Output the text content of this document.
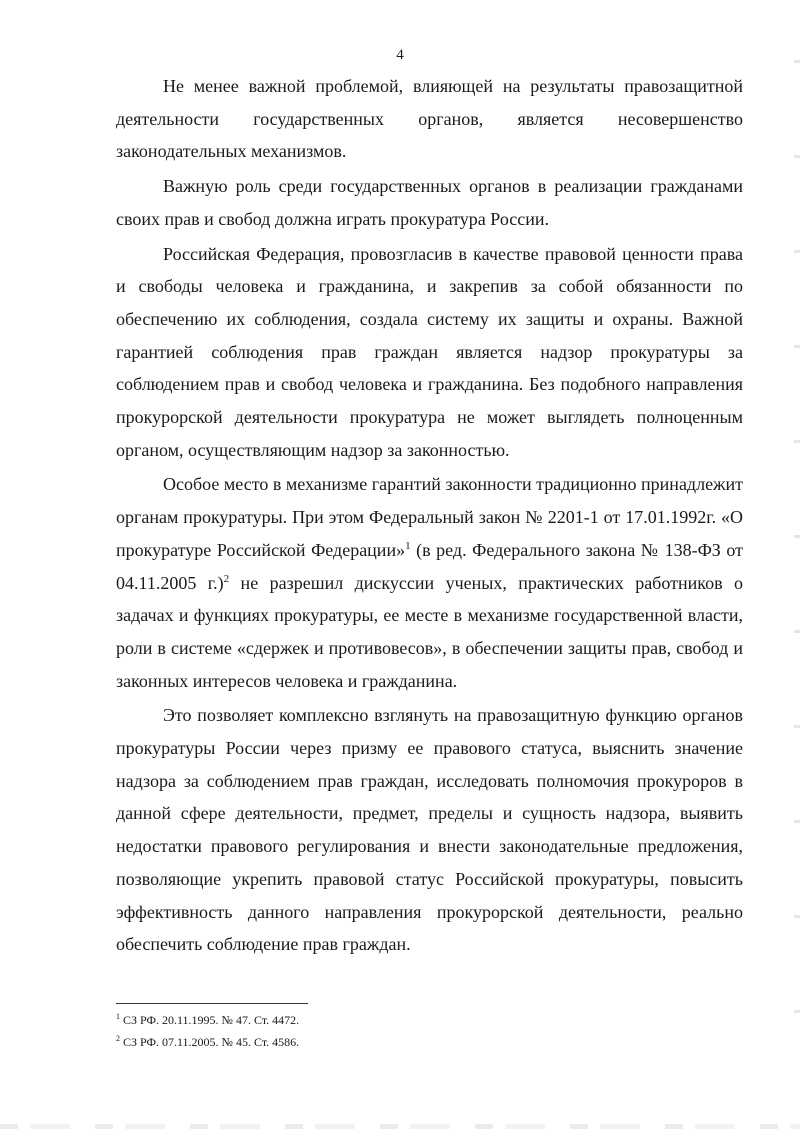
4

Не менее важной проблемой, влияющей на результаты правозащитной деятельности государственных органов, является несовершенство законодательных механизмов.

Важную роль среди государственных органов в реализации гражданами своих прав и свобод должна играть прокуратура России.

Российская Федерация, провозгласив в качестве правовой ценности права и свободы человека и гражданина, и закрепив за собой обязанности по обеспечению их соблюдения, создала систему их защиты и охраны. Важной гарантией соблюдения прав граждан является надзор прокуратуры за соблюдением прав и свобод человека и гражданина. Без подобного направления прокурорской деятельности прокуратура не может выглядеть полноценным органом, осуществляющим надзор за законностью.

Особое место в механизме гарантий законности традиционно принадлежит органам прокуратуры. При этом Федеральный закон № 2201-1 от 17.01.1992г. «О прокуратуре Российской Федерации»$^1$ (в ред. Федерального закона № 138-ФЗ от 04.11.2005 г.)$^2$ не разрешил дискуссии ученых, практических работников о задачах и функциях прокуратуры, ее месте в механизме государственной власти, роли в системе «сдержек и противовесов», в обеспечении защиты прав, свобод и законных интересов человека и гражданина.

Это позволяет комплексно взглянуть на правозащитную функцию органов прокуратуры России через призму ее правового статуса, выяснить значение надзора за соблюдением прав граждан, исследовать полномочия прокуроров в данной сфере деятельности, предмет, пределы и сущность надзора, выявить недостатки правового регулирования и внести законодательные предложения, позволяющие укрепить правовой статус Российской прокуратуры, повысить эффективность данного направления прокурорской деятельности, реально обеспечить соблюдение прав граждан.

$^1$ СЗ РФ. 20.11.1995. № 47. Ст. 4472.

$^2$ СЗ РФ. 07.11.2005. № 45. Ст. 4586.
